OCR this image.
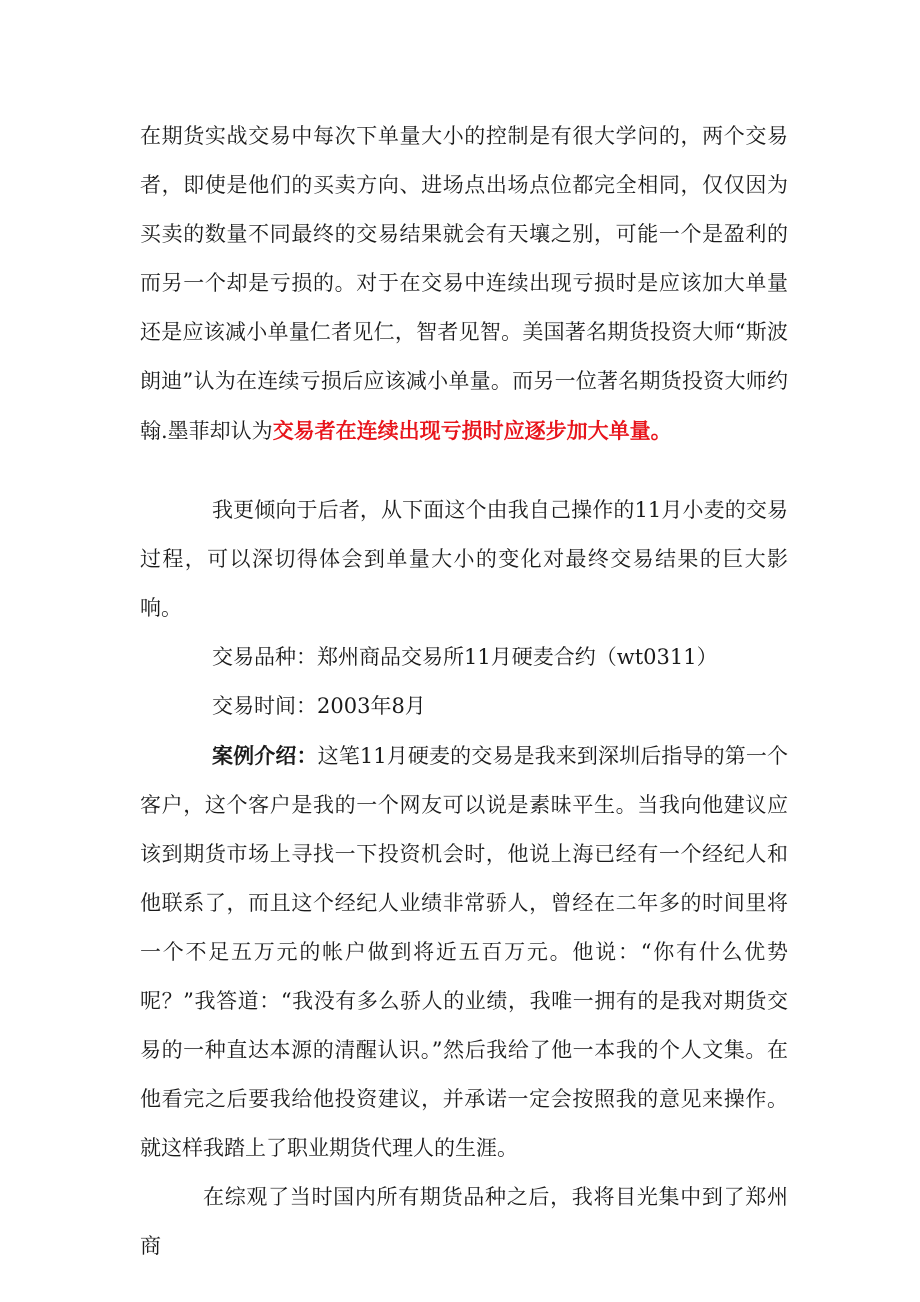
在期货实战交易中每次下单量大小的控制是有很大学问的，两个交易者，即使是他们的买卖方向、进场点出场点位都完全相同，仅仅因为买卖的数量不同最终的交易结果就会有天壤之别，可能一个是盈利的而另一个却是亏损的。对于在交易中连续出现亏损时是应该加大单量还是应该减小单量仁者见仁，智者见智。美国著名期货投资大师“斯波朗迪”认为在连续亏损后应该减小单量。而另一位著名期货投资大师约翰.墨菲却认为交易者在连续出现亏损时应逐步加大单量。

我更倾向于后者，从下面这个由我自己操作的11月小麦的交易过程，可以深切得体会到单量大小的变化对最终交易结果的巨大影响。

交易品种：郑州商品交易所11月硬麦合约（wt0311）

交易时间：2003年8月

案例介绍：这笔11月硬麦的交易是我来到深圳后指导的第一个客户，这个客户是我的一个网友可以说是素昧平生。当我向他建议应该到期货市场上寻找一下投资机会时，他说上海已经有一个经纪人和他联系了，而且这个经纪人业绩非常骄人，曾经在二年多的时间里将一个不足五万元的帐户做到将近五百万元。他说：“你有什么优势呢？”我答道：“我没有多么骄人的业绩，我唯一拥有的是我对期货交易的一种直达本源的清醒认识。”然后我给了他一本我的个人文集。在他看完之后要我给他投资建议，并承诺一定会按照我的意见来操作。就这样我踏上了职业期货代理人的生涯。

在综观了当时国内所有期货品种之后，我将目光集中到了郑州商
